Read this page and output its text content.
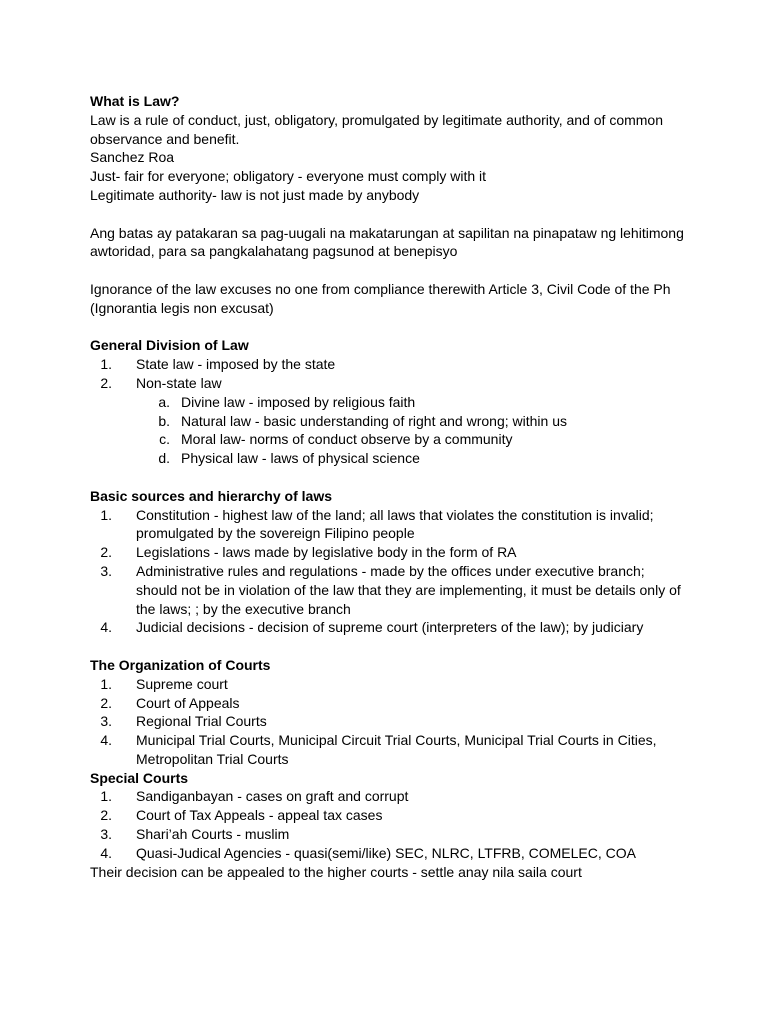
What is Law?

Law is a rule of conduct, just, obligatory, promulgated by legitimate authority, and of common observance and benefit.

Sanchez Roa

Just- fair for everyone; obligatory - everyone must comply with it

Legitimate authority- law is not just made by anybody

Ang batas ay patakaran sa pag-uugali na makatarungan at sapilitan na pinapataw ng lehitimong awtoridad, para sa pangkalahatang pagsunod at benepisyo

Ignorance of the law excuses no one from compliance therewith Article 3, Civil Code of the Ph (Ignorantia legis non excusat)

General Division of Law

1. State law - imposed by the state
2. Non-state law
a. Divine law - imposed by religious faith
b. Natural law - basic understanding of right and wrong; within us
c. Moral law- norms of conduct observe by a community
d. Physical law - laws of physical science

Basic sources and hierarchy of laws

1. Constitution - highest law of the land; all laws that violates the constitution is invalid; promulgated by the sovereign Filipino people
2. Legislations - laws made by legislative body in the form of RA
3. Administrative rules and regulations - made by the offices under executive branch; should not be in violation of the law that they are implementing, it must be details only of the laws; ; by the executive branch
4. Judicial decisions - decision of supreme court (interpreters of the law); by judiciary

The Organization of Courts

1. Supreme court
2. Court of Appeals
3. Regional Trial Courts
4. Municipal Trial Courts, Municipal Circuit Trial Courts, Municipal Trial Courts in Cities, Metropolitan Trial Courts

Special Courts

1. Sandiganbayan - cases on graft and corrupt
2. Court of Tax Appeals - appeal tax cases
3. Shari’ah Courts - muslim
4. Quasi-Judical Agencies - quasi(semi/like) SEC, NLRC, LTFRB, COMELEC, COA

Their decision can be appealed to the higher courts - settle anay nila saila court
